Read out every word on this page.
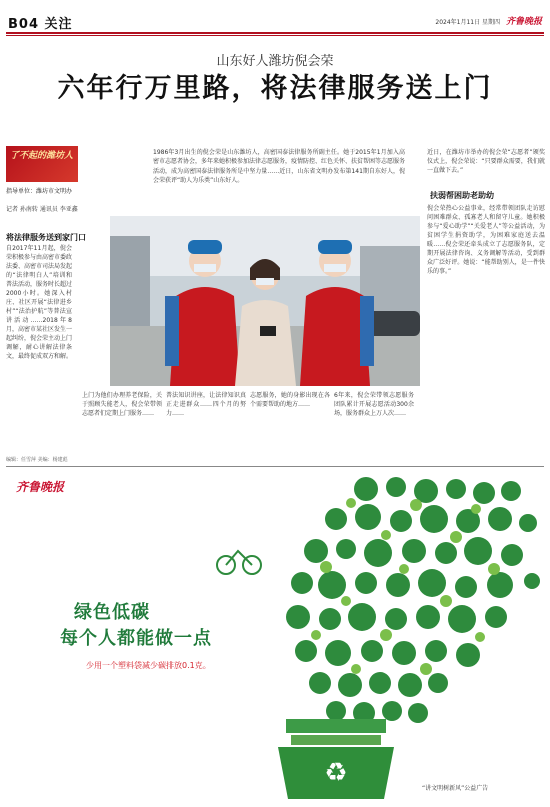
B04 关注	2024年1月11日 星期四 齐鲁晚报
山东好人潍坊倪会荣
六年行万里路，将法律服务送上门
了不起的潍坊人
指导单位：潍坊市文明办
记者 孙南转 通讯员 李亚鑫
将法律服务送到家门口
自2017年11月起，倪会荣积极参与由高密市委政法委、高密市司法局发起的“法律明白人”培训和普法活动，服务时长超过2000小时。她深入村庄、社区开展“法律进乡村”“法治护航”等普法宣讲活动……2018年8月，高密市某社区发生一起纠纷，倪会荣主动上门调解，耐心讲解法律条文，最终促成双方和解。
1986年3月出生的倪会荣是山东潍坊人，高密国泰法律服务所副主任。她于2015年1月加入高密市志愿者协会，多年来她积极参加法律志愿服务，疫情防控、红色关怀、扶贫帮困等志愿服务活动，成为高密国泰法律服务所是中坚力量……近日，山东省文明办发布第141期自东好人，倪会荣获评“助人为乐类”山东好人。
上门为他们办理养老保险，关于照顾失能老人，倪会荣带领志愿者们定期上门服务……
普法知识讲座，让法律知识真正走进群众……四个月的努力……
志愿服务，她的身影出现在各个需要帮助的地方……
6年来，倪会荣带领志愿服务团队累计开展志愿活动300余场，服务群众上万人次……
近日，在潍坊市举办的倪会荣“志愿者”颁奖仪式上，倪会荣说：“只要群众需要，我们就一直做下去。”
扶弱帮困助老助幼
倪会荣热心公益事业，经常带领团队走访慰问困难群众、孤寡老人和留守儿童。她积极参与“爱心助学”“关爱老人”等公益活动，为贫困学生捐资助学，为困难家庭送去温暖……倪会荣还牵头成立了志愿服务队，定期开展法律咨询、义务调解等活动，受到群众广泛好评。她说：“能帮助别人，是一件快乐的事。”
编辑：任雪萍 美编：杨建彪
♻
齐鲁晚报
绿色低碳
每个人都能做一点
少用一个塑料袋减少碳排放0.1克。
“讲文明树新风”公益广告
